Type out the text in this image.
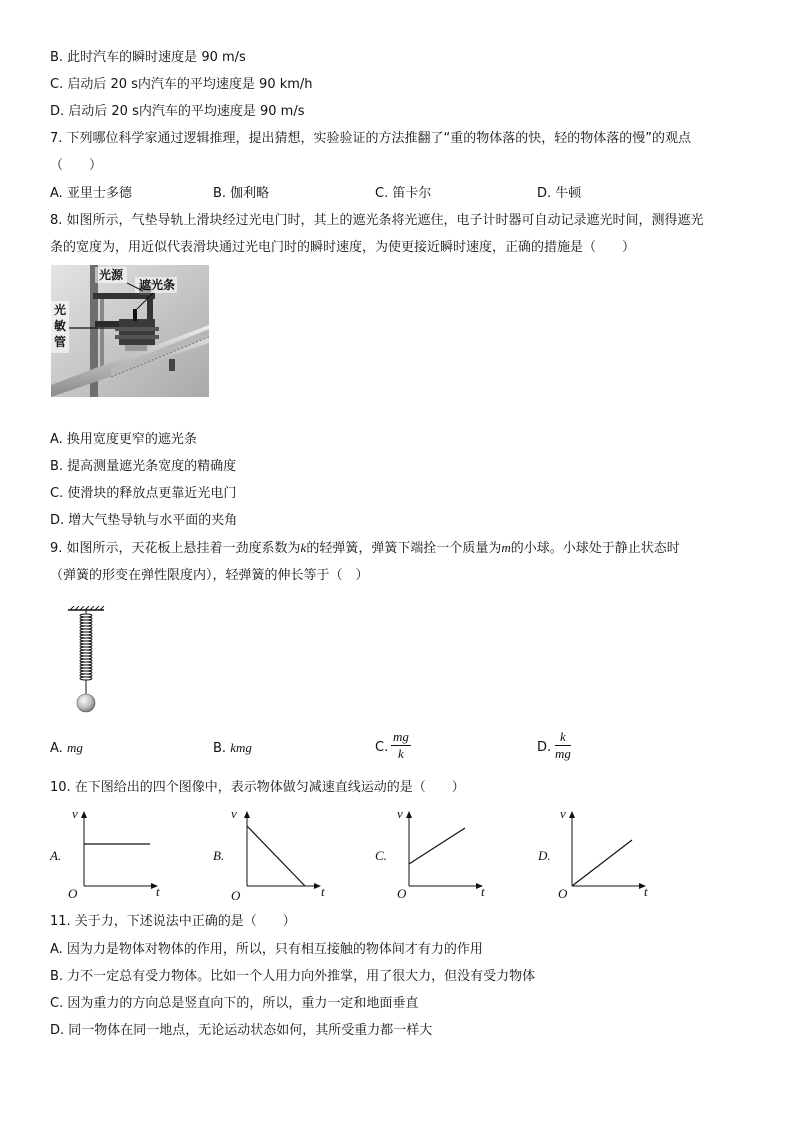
B. 此时汽车的瞬时速度是 90 m/s
C. 启动后 20 s内汽车的平均速度是 90 km/h
D. 启动后 20 s内汽车的平均速度是 90 m/s
7. 下列哪位科学家通过逻辑推理，提出猜想，实验验证的方法推翻了“重的物体落的快，轻的物体落的慢”的观点
（　　）
A. 亚里士多德	B. 伽利略	C. 笛卡尔	D. 牛顿
8. 如图所示，气垫导轨上滑块经过光电门时，其上的遮光条将光遮住，电子计时器可自动记录遮光时间，测得遮光
条的宽度为，用近似代表滑块通过光电门时的瞬时速度，为使更接近瞬时速度，正确的措施是（　　）
光源
遮光条
光敏管
A. 换用宽度更窄的遮光条
B. 提高测量遮光条宽度的精确度
C. 使滑块的释放点更靠近光电门
D. 增大气垫导轨与水平面的夹角
9. 如图所示，天花板上悬挂着一劲度系数为k的轻弹簧，弹簧下端拴一个质量为m的小球。小球处于静止状态时
（弹簧的形变在弹性限度内），轻弹簧的伸长等于（　）
A. mg	B. kmg	C. $\frac{mg}{k}$	D. $\frac{k}{mg}$
10. 在下图给出的四个图像中，表示物体做匀减速直线运动的是（　　）
v
A.
O	t
v
B.
O	t
v
C.
O	t
v
D.
O	t
11. 关于力，下述说法中正确的是（　　）
A. 因为力是物体对物体的作用，所以，只有相互接触的物体间才有力的作用
B. 力不一定总有受力物体。比如一个人用力向外推掌，用了很大力，但没有受力物体
C. 因为重力的方向总是竖直向下的，所以，重力一定和地面垂直
D. 同一物体在同一地点，无论运动状态如何，其所受重力都一样大
